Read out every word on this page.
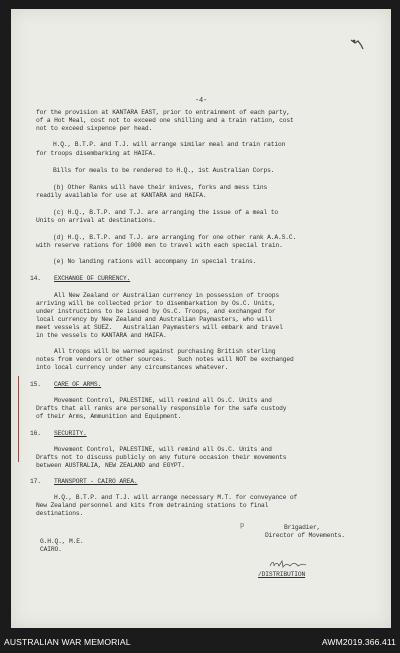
-4-
for the provision at KANTARA EAST, prior to entrainment of each party,
of a Hot Meal, cost not to exceed one shilling and a train ration, cost
not to exceed sixpence per head.
H.Q., B.T.P. and T.J. will arrange similar meal and train ration
for troops disembarking at HAIFA.
Bills for meals to be rendered to H.Q., 1st Australian Corps.
(b) Other Ranks will have their knives, forks and mess tins
readily available for use at KANTARA and HAIFA.
(c) H.Q., B.T.P. and T.J. are arranging the issue of a meal to
Units on arrival at destinations.
(d) H.Q., B.T.P. and T.J. are arranging for one other rank A.A.S.C.
with reserve rations for 1000 men to travel with each special train.
(e) No landing rations will accompany in special trains.
14. EXCHANGE OF CURRENCY.
All New Zealand or Australian currency in possession of troops
arriving will be collected prior to disembarkation by Os.C. Units,
under instructions to be issued by Os.C. Troops, and exchanged for
local currency by New Zealand and Australian Paymasters, who will
meet vessels at SUEZ.   Australian Paymasters will embark and travel
in the vessels to KANTARA and HAIFA.
All troops will be warned against purchasing British sterling
notes from vendors or other sources.   Such notes will NOT be exchanged
into local currency under any circumstances whatever.
15. CARE OF ARMS.
Movement Control, PALESTINE, will remind all Os.C. Units and
Drafts that all ranks are personally responsible for the safe custody
of their Arms, Ammunition and Equipment.
16. SECURITY.
Movement Control, PALESTINE, will remind all Os.C. Units and
Drafts not to discuss publicly on any future occasion their movements
between AUSTRALIA, NEW ZEALAND and EGYPT.
17. TRANSPORT - CAIRO AREA.
H.Q., B.T.P. and T.J. will arrange necessary M.T. for conveyance of
New Zealand personnel and kits from detraining stations to final
destinations.
p	Brigadier,
Director of Movements.
G.H.Q., M.E.
CAIRO.
/DISTRIBUTION
AUSTRALIAN WAR MEMORIAL	AWM2019.366.411
